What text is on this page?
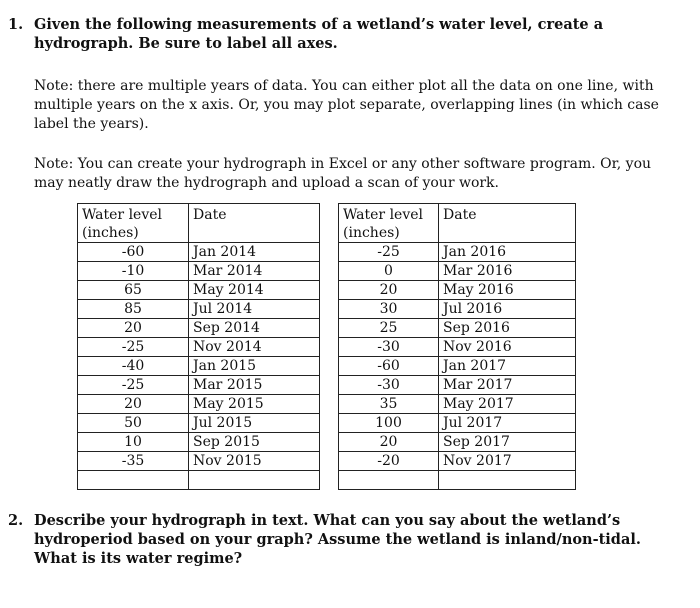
1. Given the following measurements of a wetland’s water level, create a hydrograph. Be sure to label all axes.
Note: there are multiple years of data. You can either plot all the data on one line, with multiple years on the x axis. Or, you may plot separate, overlapping lines (in which case label the years).
Note: You can create your hydrograph in Excel or any other software program. Or, you may neatly draw the hydrograph and upload a scan of your work.
Water level (inches)	Date
-60	Jan 2014
-10	Mar 2014
65	May 2014
85	Jul 2014
20	Sep 2014
-25	Nov 2014
-40	Jan 2015
-25	Mar 2015
20	May 2015
50	Jul 2015
10	Sep 2015
-35	Nov 2015

Water level (inches)	Date
-25	Jan 2016
0	Mar 2016
20	May 2016
30	Jul 2016
25	Sep 2016
-30	Nov 2016
-60	Jan 2017
-30	Mar 2017
35	May 2017
100	Jul 2017
20	Sep 2017
-20	Nov 2017

2. Describe your hydrograph in text. What can you say about the wetland’s hydroperiod based on your graph? Assume the wetland is inland/non-tidal. What is its water regime?
